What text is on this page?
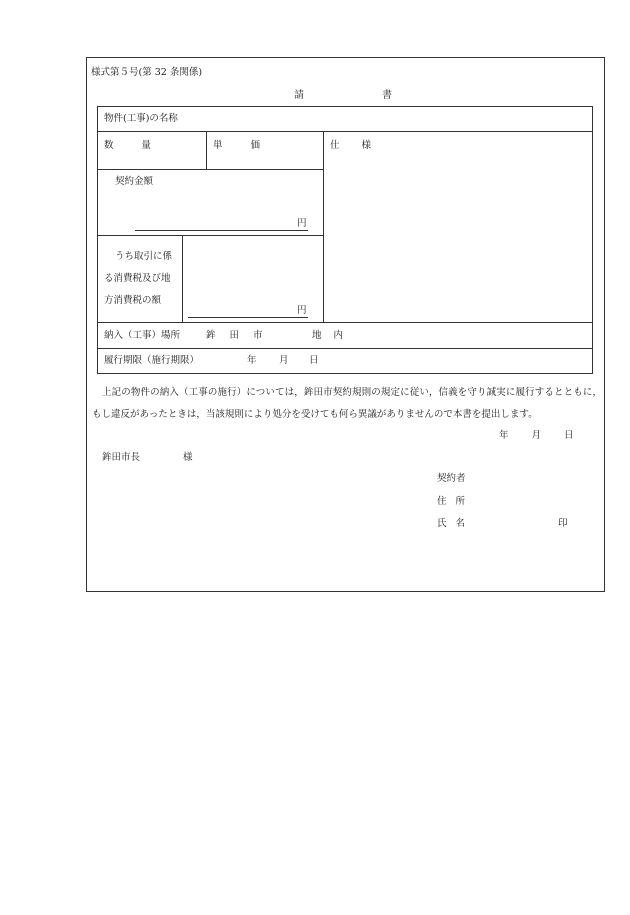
様式第５号(第 32 条関係)
請書
物件(工事)の名称
数量	単価	仕様
契約金額
円
うち取引に係
る消費税及び地
方消費税の額
円
納入（工事）場所	鉾田市	地内
履行期限（施行期限）	年 月 日
上記の物件の納入（工事の施行）については，鉾田市契約規則の規定に従い，信義を守り誠実に履行するとともに，もし違反があったときは，当該規則により処分を受けても何ら異議がありませんので本書を提出します。
年 月 日
鉾田市長	様
契約者
住所
氏名	印
